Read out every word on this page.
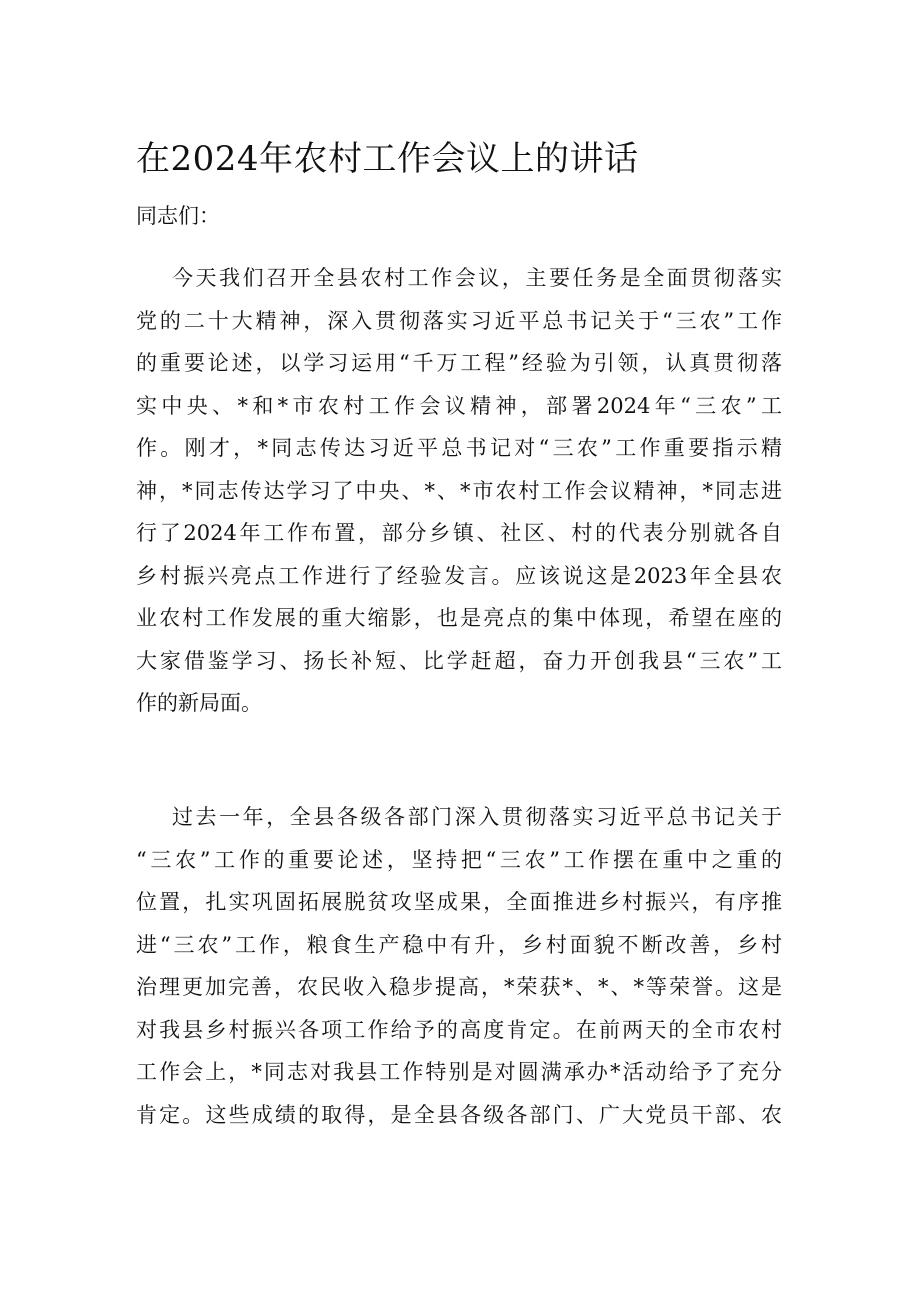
在2024年农村工作会议上的讲话

同志们：

今天我们召开全县农村工作会议，主要任务是全面贯彻落实
党的二十大精神，深入贯彻落实习近平总书记关于“三农”工作
的重要论述，以学习运用“千万工程”经验为引领，认真贯彻落
实中央、*和*市农村工作会议精神，部署2024年“三农”工
作。刚才，*同志传达习近平总书记对“三农”工作重要指示精
神，*同志传达学习了中央、*、*市农村工作会议精神，*同志进
行了2024年工作布置，部分乡镇、社区、村的代表分别就各自
乡村振兴亮点工作进行了经验发言。应该说这是2023年全县农
业农村工作发展的重大缩影，也是亮点的集中体现，希望在座的
大家借鉴学习、扬长补短、比学赶超，奋力开创我县“三农”工
作的新局面。
过去一年，全县各级各部门深入贯彻落实习近平总书记关于
“三农”工作的重要论述，坚持把“三农”工作摆在重中之重的
位置，扎实巩固拓展脱贫攻坚成果，全面推进乡村振兴，有序推
进“三农”工作，粮食生产稳中有升，乡村面貌不断改善，乡村
治理更加完善，农民收入稳步提高，*荣获*、*、*等荣誉。这是
对我县乡村振兴各项工作给予的高度肯定。在前两天的全市农村
工作会上，*同志对我县工作特别是对圆满承办*活动给予了充分
肯定。这些成绩的取得，是全县各级各部门、广大党员干部、农
